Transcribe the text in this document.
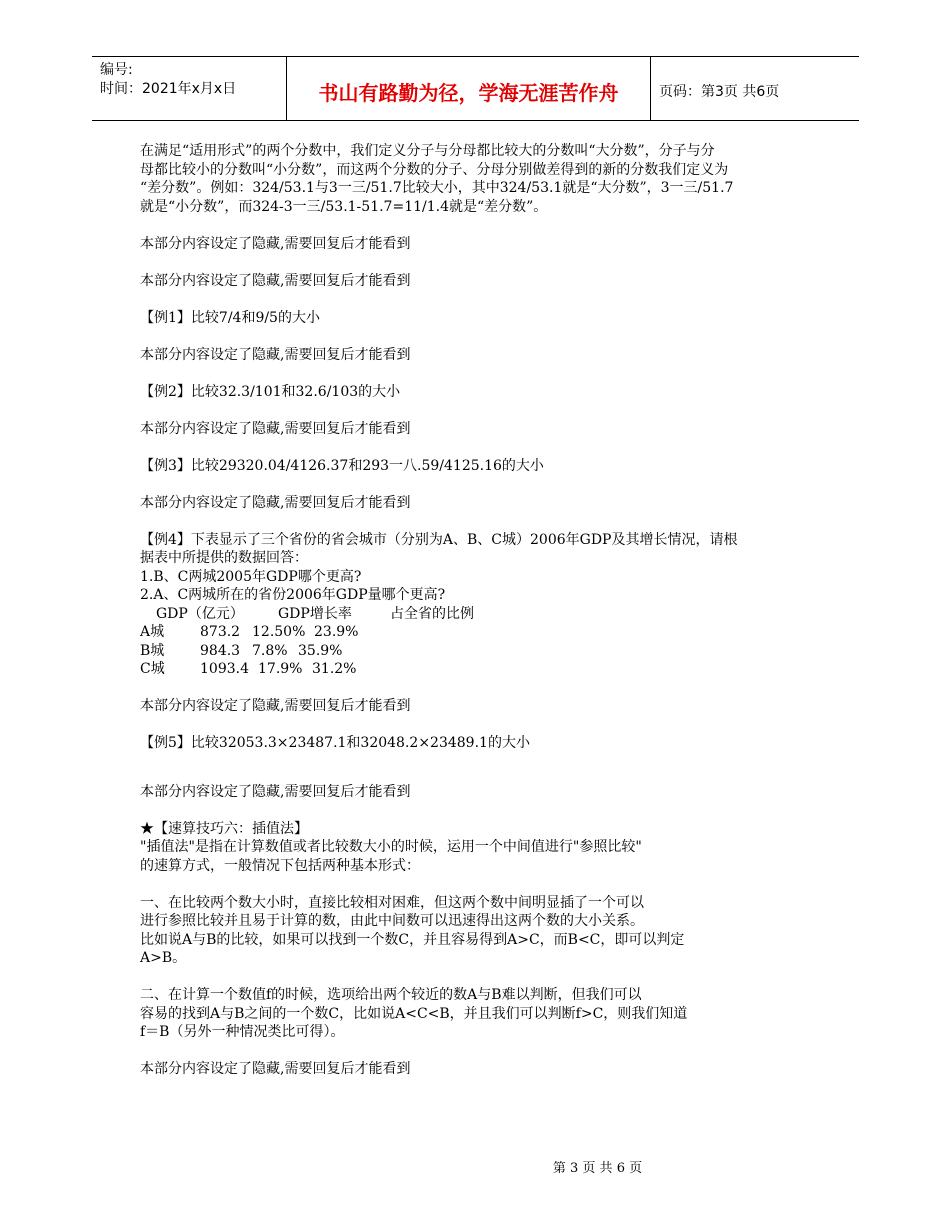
编号:
时间：2021年x月x日	书山有路勤为径，学海无涯苦作舟	页码：第3页 共6页

在满足“适用形式”的两个分数中，我们定义分子与分母都比较大的分数叫“大分数”，分子与分

母都比较小的分数叫“小分数”，而这两个分数的分子、分母分别做差得到的新的分数我们定义为

“差分数”。例如：324/53.1与3一三/51.7比较大小，其中324/53.1就是“大分数”，3一三/51.7

就是“小分数”，而324-3一三/53.1-51.7=11/1.4就是“差分数”。

本部分内容设定了隐藏,需要回复后才能看到

本部分内容设定了隐藏,需要回复后才能看到

【例1】比较7/4和9/5的大小

本部分内容设定了隐藏,需要回复后才能看到

【例2】比较32.3/101和32.6/103的大小

本部分内容设定了隐藏,需要回复后才能看到

【例3】比较29320.04/4126.37和293一八.59/4125.16的大小

本部分内容设定了隐藏,需要回复后才能看到

【例4】下表显示了三个省份的省会城市（分别为A、B、C城）2006年GDP及其增长情况，请根

据表中所提供的数据回答：

1.B、C两城2005年GDP哪个更高?

2.A、C两城所在的省份2006年GDP量哪个更高?

GDP（亿元） GDP增长率	占全省的比例

A城	873.2 12.50% 23.9%

B城	984.3 7.8% 35.9%

C城	1093.4 17.9% 31.2%

本部分内容设定了隐藏,需要回复后才能看到

【例5】比较32053.3×23487.1和32048.2×23489.1的大小

本部分内容设定了隐藏,需要回复后才能看到

★【速算技巧六：插值法】

"插值法"是指在计算数值或者比较数大小的时候，运用一个中间值进行"参照比较"

的速算方式，一般情况下包括两种基本形式：

一、在比较两个数大小时，直接比较相对困难，但这两个数中间明显插了一个可以

进行参照比较并且易于计算的数，由此中间数可以迅速得出这两个数的大小关系。

比如说A与B的比较，如果可以找到一个数C，并且容易得到A>C，而B<C，即可以判定

A>B。

二、在计算一个数值f的时候，选项给出两个较近的数A与B难以判断，但我们可以

容易的找到A与B之间的一个数C，比如说A<C<B，并且我们可以判断f>C，则我们知道

f＝B（另外一种情况类比可得）。

本部分内容设定了隐藏,需要回复后才能看到

第 3 页 共 6 页
